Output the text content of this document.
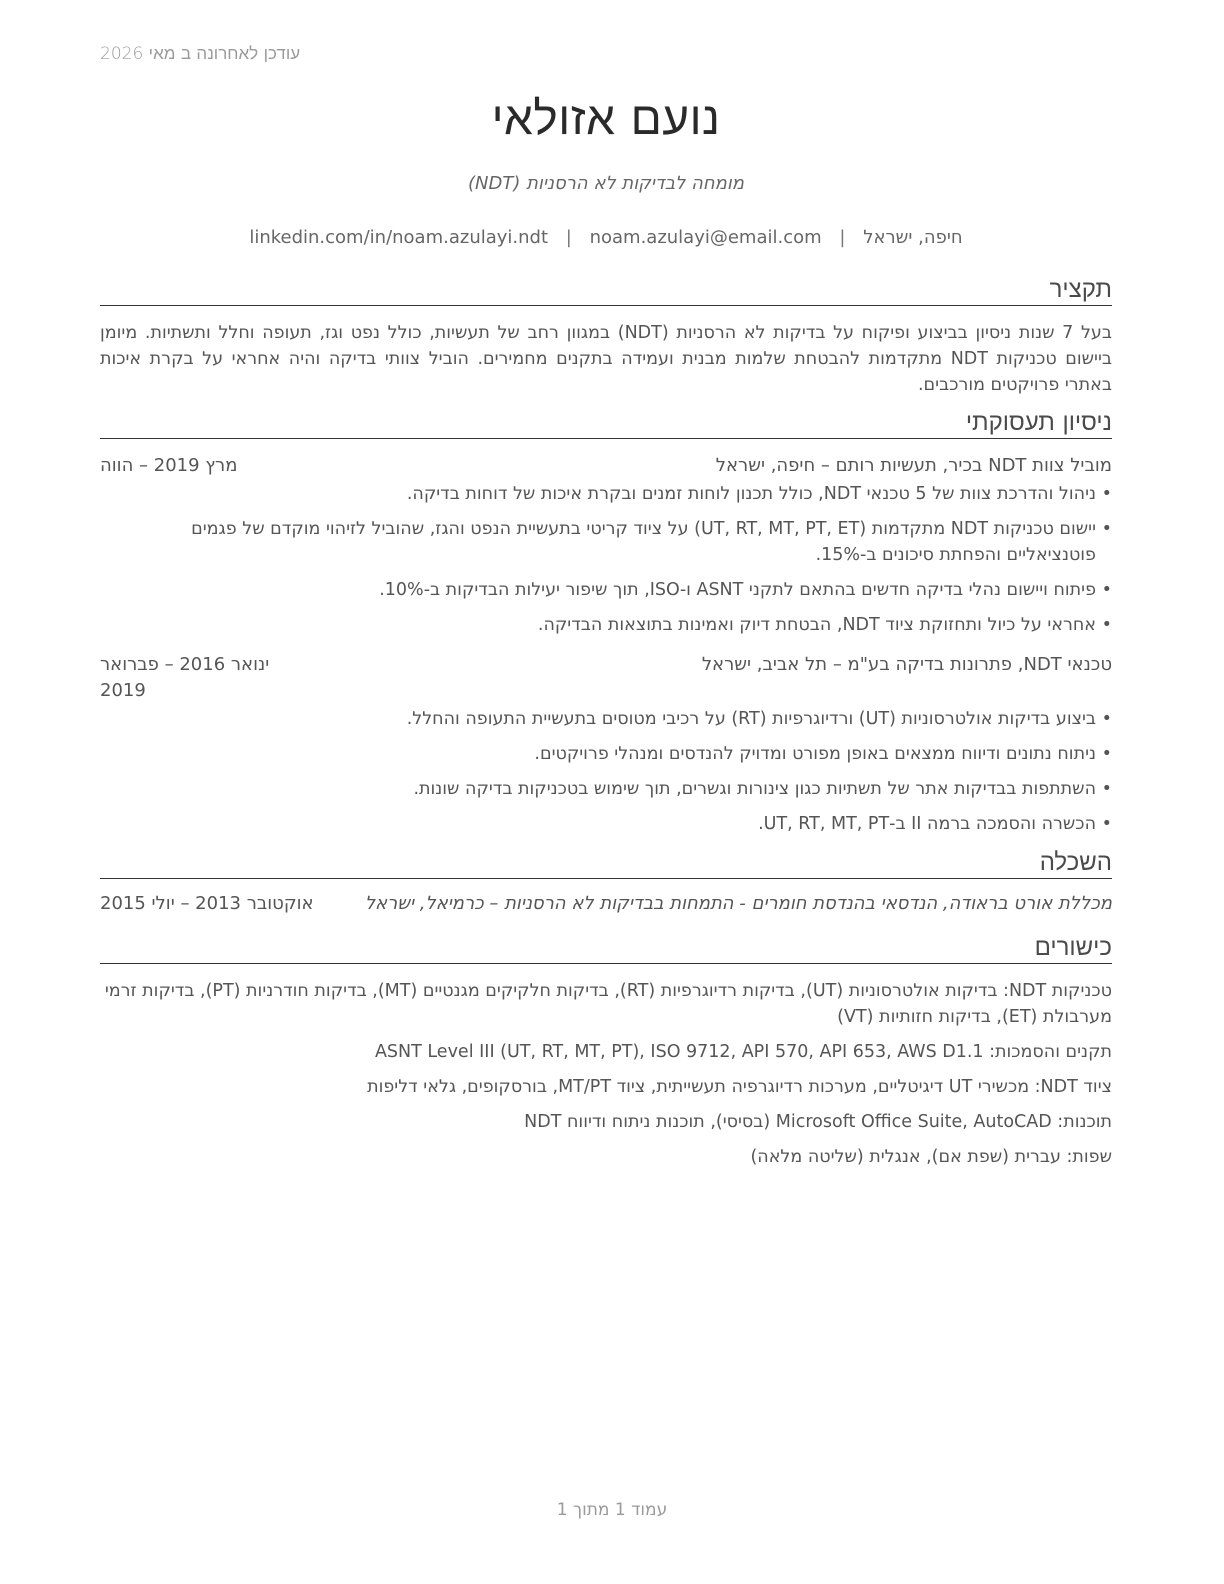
עודכן לאחרונה ב מאי 2026
נועם אזולאי
מומחה לבדיקות לא הרסניות (NDT)
חיפה, ישראל | noam.azulayi@email.com | linkedin.com/in/noam.azulayi.ndt
תקציר

בעל 7 שנות ניסיון בביצוע ופיקוח על בדיקות לא הרסניות (NDT) במגוון רחב של תעשיות, כולל נפט וגז, תעופה וחלל ותשתיות. מיומן ביישום טכניקות NDT מתקדמות להבטחת שלמות מבנית ועמידה בתקנים מחמירים. הוביל צוותי בדיקה והיה אחראי על בקרת איכות באתרי פרויקטים מורכבים.

ניסיון תעסוקתי
מוביל צוות NDT בכיר, תעשיות רותם – חיפה, ישראל
מרץ 2019 – הווה
•
ניהול והדרכת צוות של 5 טכנאי NDT, כולל תכנון לוחות זמנים ובקרת איכות של דוחות בדיקה.
•
יישום טכניקות NDT מתקדמות (UT, RT, MT, PT, ET) על ציוד קריטי בתעשיית הנפט והגז, שהוביל לזיהוי מוקדם של פגמים פוטנציאליים והפחתת סיכונים ב-15%.
•
פיתוח ויישום נהלי בדיקה חדשים בהתאם לתקני ASNT ו-ISO, תוך שיפור יעילות הבדיקות ב-10%.
•
אחראי על כיול ותחזוקת ציוד NDT, הבטחת דיוק ואמינות בתוצאות הבדיקה.
טכנאי NDT, פתרונות בדיקה בע"מ – תל אביב, ישראל
ינואר 2016 – פברואר 2019
•
ביצוע בדיקות אולטרסוניות (UT) ורדיוגרפיות (RT) על רכיבי מטוסים בתעשיית התעופה והחלל.
•
ניתוח נתונים ודיווח ממצאים באופן מפורט ומדויק להנדסים ומנהלי פרויקטים.
•
השתתפות בבדיקות אתר של תשתיות כגון צינורות וגשרים, תוך שימוש בטכניקות בדיקה שונות.
•
הכשרה והסמכה ברמה II ב-UT, RT, MT, PT.
השכלה
מכללת אורט בראודה, הנדסאי בהנדסת חומרים - התמחות בבדיקות לא הרסניות – כרמיאל, ישראל
אוקטובר 2013 – יולי 2015
כישורים
טכניקות NDT: בדיקות אולטרסוניות (UT), בדיקות רדיוגרפיות (RT), בדיקות חלקיקים מגנטיים (MT), בדיקות חודרניות (PT), בדיקות זרמי מערבולת (ET), בדיקות חזותיות (VT)
תקנים והסמכות: ASNT Level III (UT, RT, MT, PT), ISO 9712, API 570, API 653, AWS D1.1
ציוד NDT: מכשירי UT דיגיטליים, מערכות רדיוגרפיה תעשייתית, ציוד MT/PT, בורסקופים, גלאי דליפות
תוכנות: Microsoft Office Suite, AutoCAD (בסיסי), תוכנות ניתוח ודיווח NDT
שפות: עברית (שפת אם), אנגלית (שליטה מלאה)
עמוד 1 מתוך 1
